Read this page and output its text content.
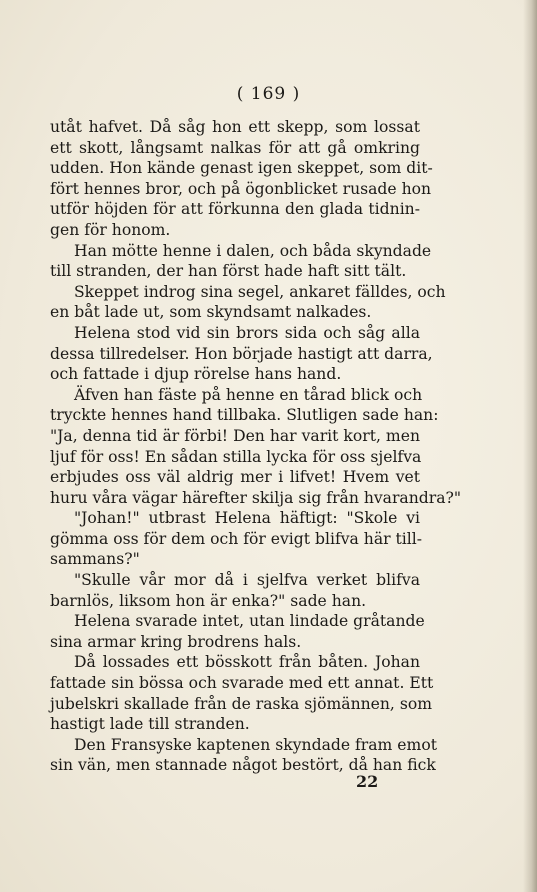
( 169 )
utåt hafvet. Då såg hon ett skepp, som lossat
ett skott, långsamt nalkas för att gå omkring
udden. Hon kände genast igen skeppet, som dit-
fört hennes bror, och på ögonblicket rusade hon
utför höjden för att förkunna den glada tidnin-
gen för honom.
Han mötte henne i dalen, och båda skyndade
till stranden, der han först hade haft sitt tält.
Skeppet indrog sina segel, ankaret fälldes, och
en båt lade ut, som skyndsamt nalkades.
Helena stod vid sin brors sida och såg alla
dessa tillredelser. Hon började hastigt att darra,
och fattade i djup rörelse hans hand.
Äfven han fäste på henne en tårad blick och
tryckte hennes hand tillbaka. Slutligen sade han:
"Ja, denna tid är förbi! Den har varit kort, men
ljuf för oss! En sådan stilla lycka för oss sjelfva
erbjudes oss väl aldrig mer i lifvet! Hvem vet
huru våra vägar härefter skilja sig från hvarandra?"
"Johan!" utbrast Helena häftigt: "Skole vi
gömma oss för dem och för evigt blifva här till-
sammans?"
"Skulle vår mor då i sjelfva verket blifva
barnlös, liksom hon är enka?" sade han.
Helena svarade intet, utan lindade gråtande
sina armar kring brodrens hals.
Då lossades ett bösskott från båten. Johan
fattade sin bössa och svarade med ett annat. Ett
jubelskri skallade från de raska sjömännen, som
hastigt lade till stranden.
Den Fransyske kaptenen skyndade fram emot
sin vän, men stannade något bestört, då han fick
22
